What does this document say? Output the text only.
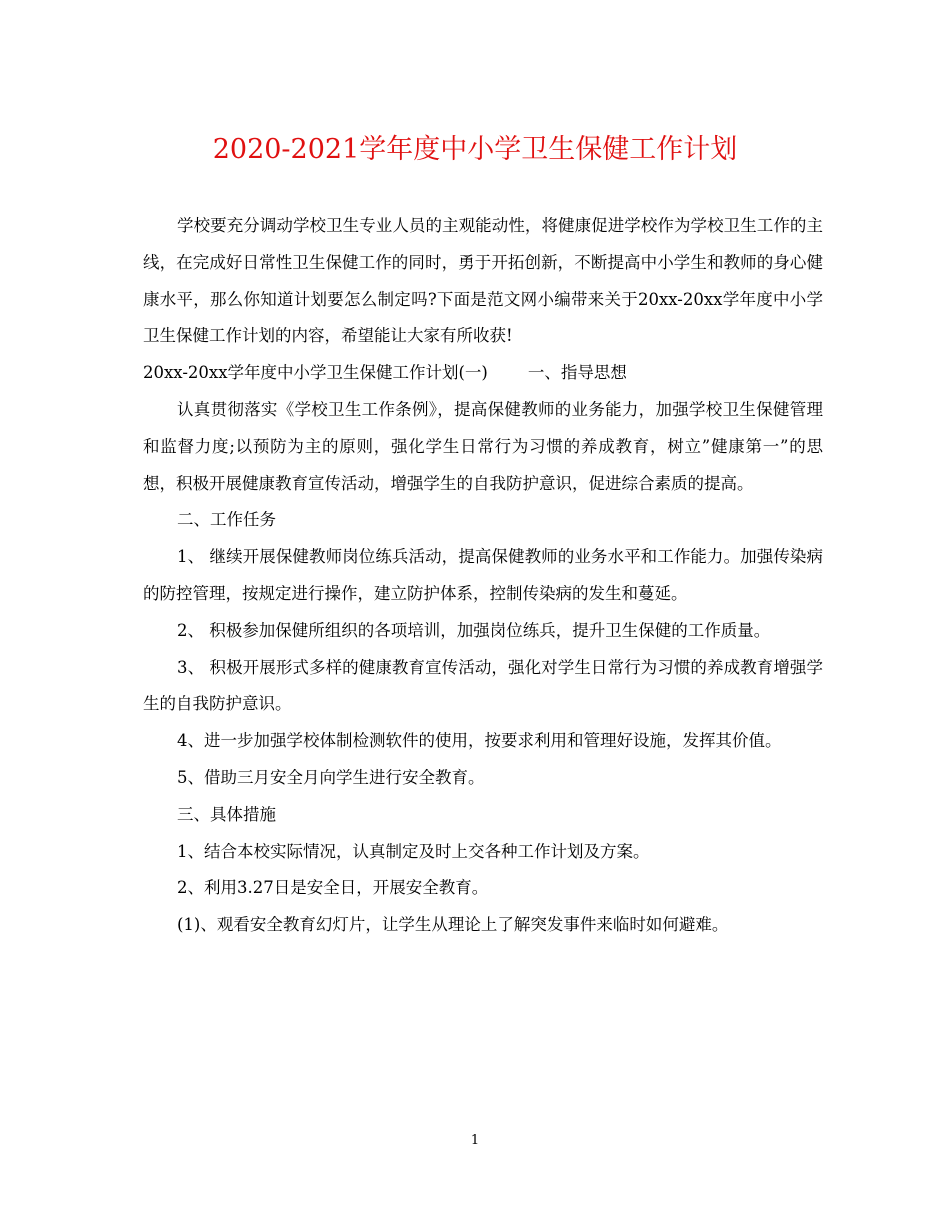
2020-2021学年度中小学卫生保健工作计划

学校要充分调动学校卫生专业人员的主观能动性，将健康促进学校作为学校卫生工作的主线，在完成好日常性卫生保健工作的同时，勇于开拓创新，不断提高中小学生和教师的身心健康水平，那么你知道计划要怎么制定吗?下面是范文网小编带来关于20xx-20xx学年度中小学卫生保健工作计划的内容，希望能让大家有所收获!

20xx-20xx学年度中小学卫生保健工作计划(一) 一、指导思想

认真贯彻落实《学校卫生工作条例》，提高保健教师的业务能力，加强学校卫生保健管理和监督力度;以预防为主的原则，强化学生日常行为习惯的养成教育，树立”健康第一”的思想，积极开展健康教育宣传活动，增强学生的自我防护意识，促进综合素质的提高。

二、工作任务

1、 继续开展保健教师岗位练兵活动，提高保健教师的业务水平和工作能力。加强传染病的防控管理，按规定进行操作，建立防护体系，控制传染病的发生和蔓延。

2、 积极参加保健所组织的各项培训，加强岗位练兵，提升卫生保健的工作质量。

3、 积极开展形式多样的健康教育宣传活动，强化对学生日常行为习惯的养成教育增强学生的自我防护意识。

4、进一步加强学校体制检测软件的使用，按要求利用和管理好设施，发挥其价值。

5、借助三月安全月向学生进行安全教育。

三、具体措施

1、结合本校实际情况，认真制定及时上交各种工作计划及方案。

2、利用3.27日是安全日，开展安全教育。

(1)、观看安全教育幻灯片，让学生从理论上了解突发事件来临时如何避难。

1
